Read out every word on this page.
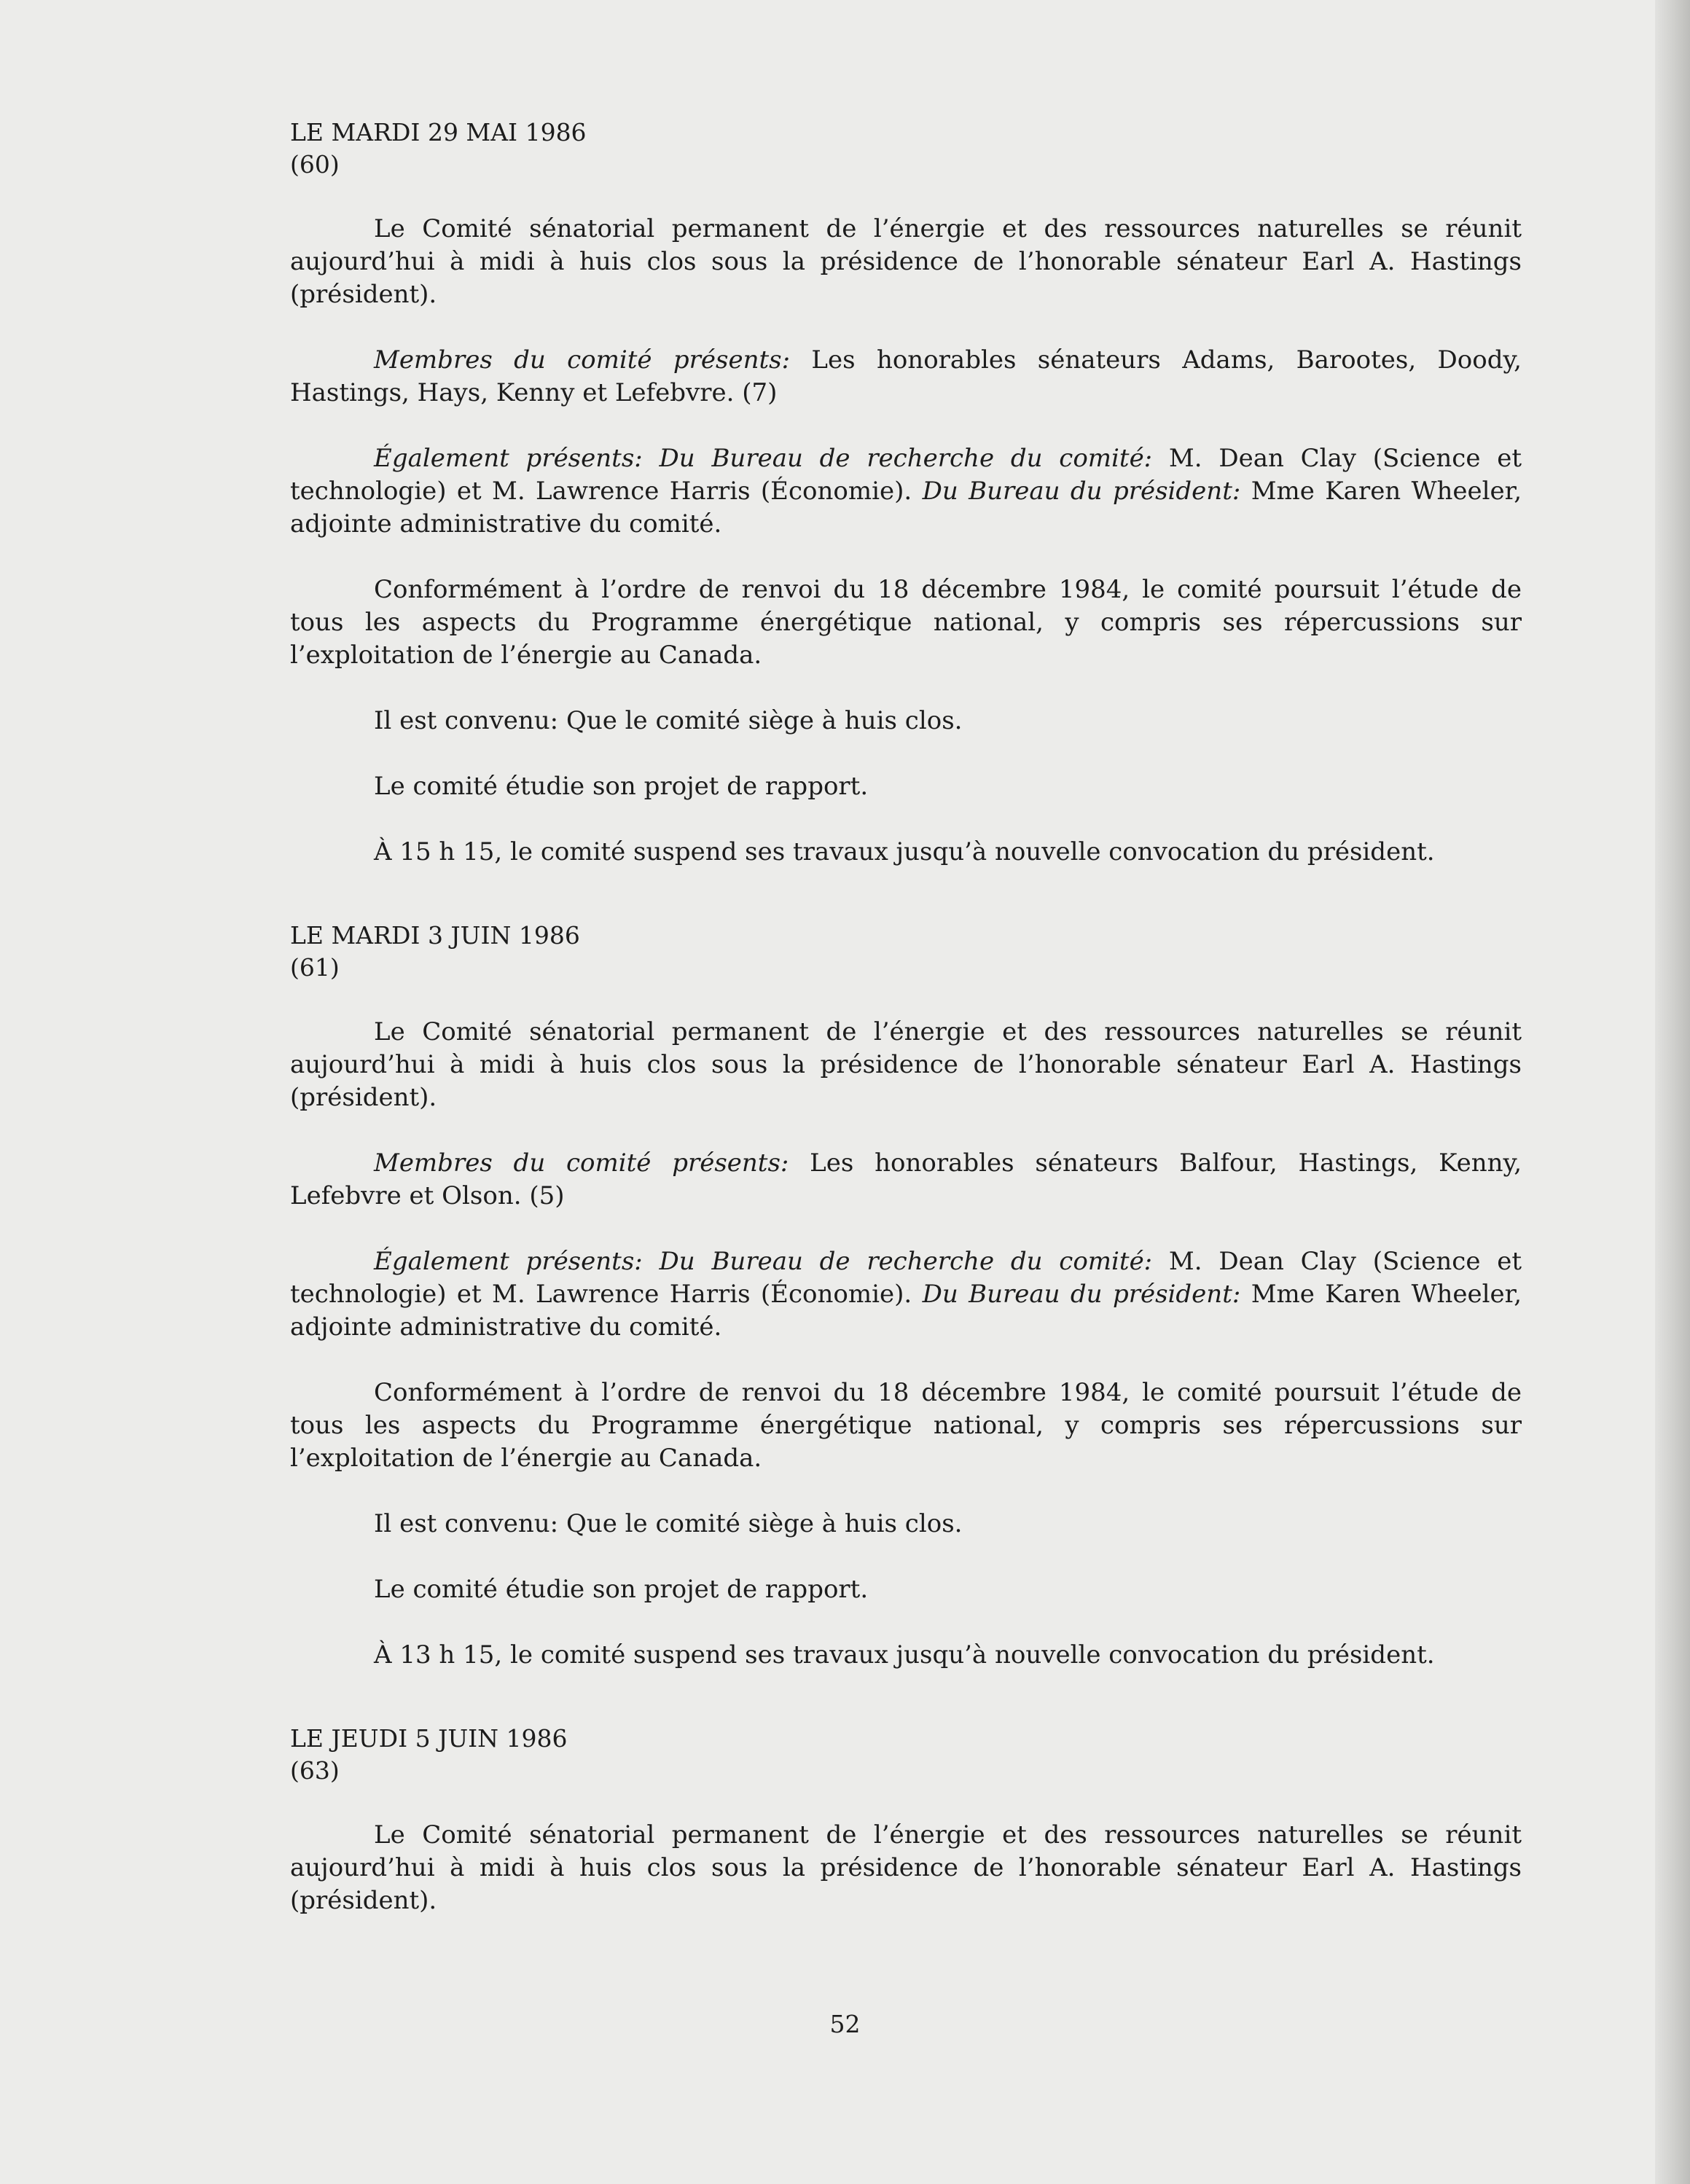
LE MARDI 29 MAI 1986
(60)

Le Comité sénatorial permanent de l’énergie et des ressources naturelles se réunit aujourd’hui à midi à huis clos sous la présidence de l’honorable sénateur Earl A. Hastings (président).

Membres du comité présents: Les honorables sénateurs Adams, Barootes, Doody, Hastings, Hays, Kenny et Lefebvre. (7)

Également présents: Du Bureau de recherche du comité: M. Dean Clay (Science et technologie) et M. Lawrence Harris (Économie). Du Bureau du président: Mme Karen Wheeler, adjointe administrative du comité.

Conformément à l’ordre de renvoi du 18 décembre 1984, le comité poursuit l’étude de tous les aspects du Programme énergétique national, y compris ses répercussions sur l’exploitation de l’énergie au Canada.

Il est convenu: Que le comité siège à huis clos.

Le comité étudie son projet de rapport.

À 15 h 15, le comité suspend ses travaux jusqu’à nouvelle convocation du président.

LE MARDI 3 JUIN 1986
(61)

Le Comité sénatorial permanent de l’énergie et des ressources naturelles se réunit aujourd’hui à midi à huis clos sous la présidence de l’honorable sénateur Earl A. Hastings (président).

Membres du comité présents: Les honorables sénateurs Balfour, Hastings, Kenny, Lefebvre et Olson. (5)

Également présents: Du Bureau de recherche du comité: M. Dean Clay (Science et technologie) et M. Lawrence Harris (Économie). Du Bureau du président: Mme Karen Wheeler, adjointe administrative du comité.

Conformément à l’ordre de renvoi du 18 décembre 1984, le comité poursuit l’étude de tous les aspects du Programme énergétique national, y compris ses répercussions sur l’exploitation de l’énergie au Canada.

Il est convenu: Que le comité siège à huis clos.

Le comité étudie son projet de rapport.

À 13 h 15, le comité suspend ses travaux jusqu’à nouvelle convocation du président.

LE JEUDI 5 JUIN 1986
(63)

Le Comité sénatorial permanent de l’énergie et des ressources naturelles se réunit aujourd’hui à midi à huis clos sous la présidence de l’honorable sénateur Earl A. Hastings (président).

52
